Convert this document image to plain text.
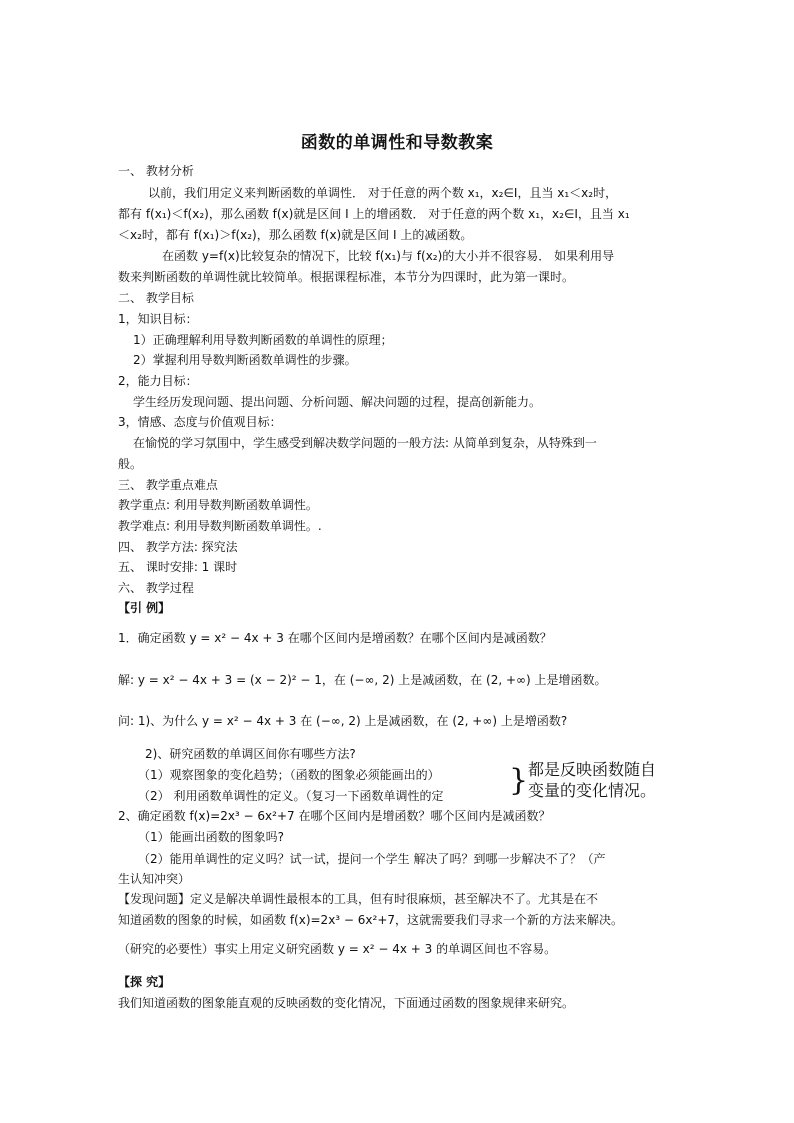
函数的单调性和导数教案
一、 教材分析
以前，我们用定义来判断函数的单调性． 对于任意的两个数 x₁，x₂∈I，且当 x₁＜x₂时，
都有 f(x₁)＜f(x₂)，那么函数 f(x)就是区间 I 上的增函数． 对于任意的两个数 x₁，x₂∈I，且当 x₁
＜x₂时，都有 f(x₁)＞f(x₂)，那么函数 f(x)就是区间 I 上的减函数。
在函数 y=f(x)比较复杂的情况下，比较 f(x₁)与 f(x₂)的大小并不很容易． 如果利用导
数来判断函数的单调性就比较简单。根据课程标准，本节分为四课时，此为第一课时。
二、 教学目标
1，知识目标：
1）正确理解利用导数判断函数的单调性的原理；
2）掌握利用导数判断函数单调性的步骤。
2，能力目标：
学生经历发现问题、提出问题、分析问题、解决问题的过程，提高创新能力。
3，情感、态度与价值观目标：
在愉悦的学习氛围中，学生感受到解决数学问题的一般方法: 从简单到复杂，从特殊到一
般。
三、 教学重点难点
教学重点: 利用导数判断函数单调性。
教学难点: 利用导数判断函数单调性。.
四、 教学方法: 探究法
五、 课时安排: 1 课时
六、 教学过程
【引 例】
1．确定函数 y = x² − 4x + 3 在哪个区间内是增函数？在哪个区间内是减函数？
解: y = x² − 4x + 3 = (x − 2)² − 1，在 (−∞, 2) 上是减函数，在 (2, +∞) 上是增函数。
问: 1)、为什么 y = x² − 4x + 3 在 (−∞, 2) 上是减函数，在 (2, +∞) 上是增函数?
2)、研究函数的单调区间你有哪些方法?
（1）观察图象的变化趋势；（函数的图象必须能画出的）
（2） 利用函数单调性的定义。（复习一下函数单调性的定 } 都是反映函数随自
变量的变化情况。
2、确定函数 f(x)=2x³ − 6x²+7 在哪个区间内是增函数？哪个区间内是减函数？
（1）能画出函数的图象吗?
（2）能用单调性的定义吗？试一试，提问一个学生 解决了吗？到哪一步解决不了？（产
生认知冲突）
【发现问题】定义是解决单调性最根本的工具，但有时很麻烦，甚至解决不了。尤其是在不
知道函数的图象的时候，如函数 f(x)=2x³ − 6x²+7，这就需要我们寻求一个新的方法来解决。
（研究的必要性）事实上用定义研究函数 y = x² − 4x + 3 的单调区间也不容易。
【探 究】
我们知道函数的图象能直观的反映函数的变化情况，下面通过函数的图象规律来研究。
